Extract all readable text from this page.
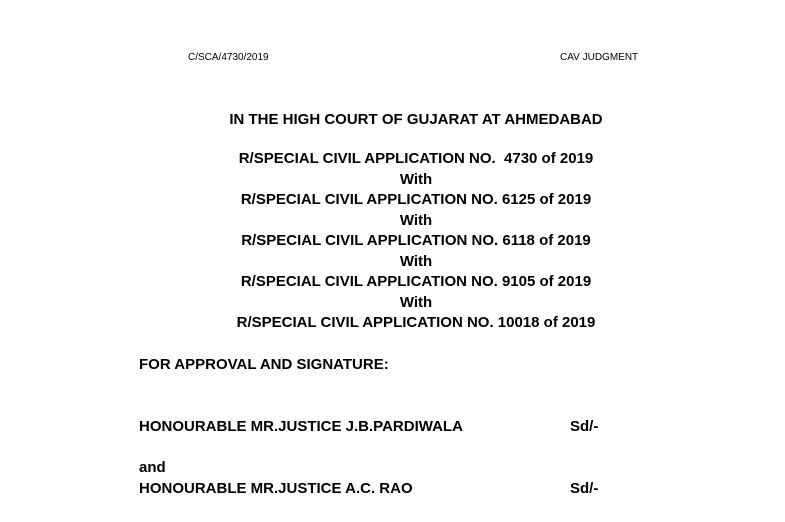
C/SCA/4730/2019	CAV JUDGMENT
IN THE HIGH COURT OF GUJARAT AT AHMEDABAD
R/SPECIAL CIVIL APPLICATION NO.  4730 of 2019
With
R/SPECIAL CIVIL APPLICATION NO. 6125 of 2019
With
R/SPECIAL CIVIL APPLICATION NO. 6118 of 2019
With
R/SPECIAL CIVIL APPLICATION NO. 9105 of 2019
With
R/SPECIAL CIVIL APPLICATION NO. 10018 of 2019
FOR APPROVAL AND SIGNATURE:
HONOURABLE MR.JUSTICE J.B.PARDIWALA	Sd/-
and
HONOURABLE MR.JUSTICE A.C. RAO	Sd/-
